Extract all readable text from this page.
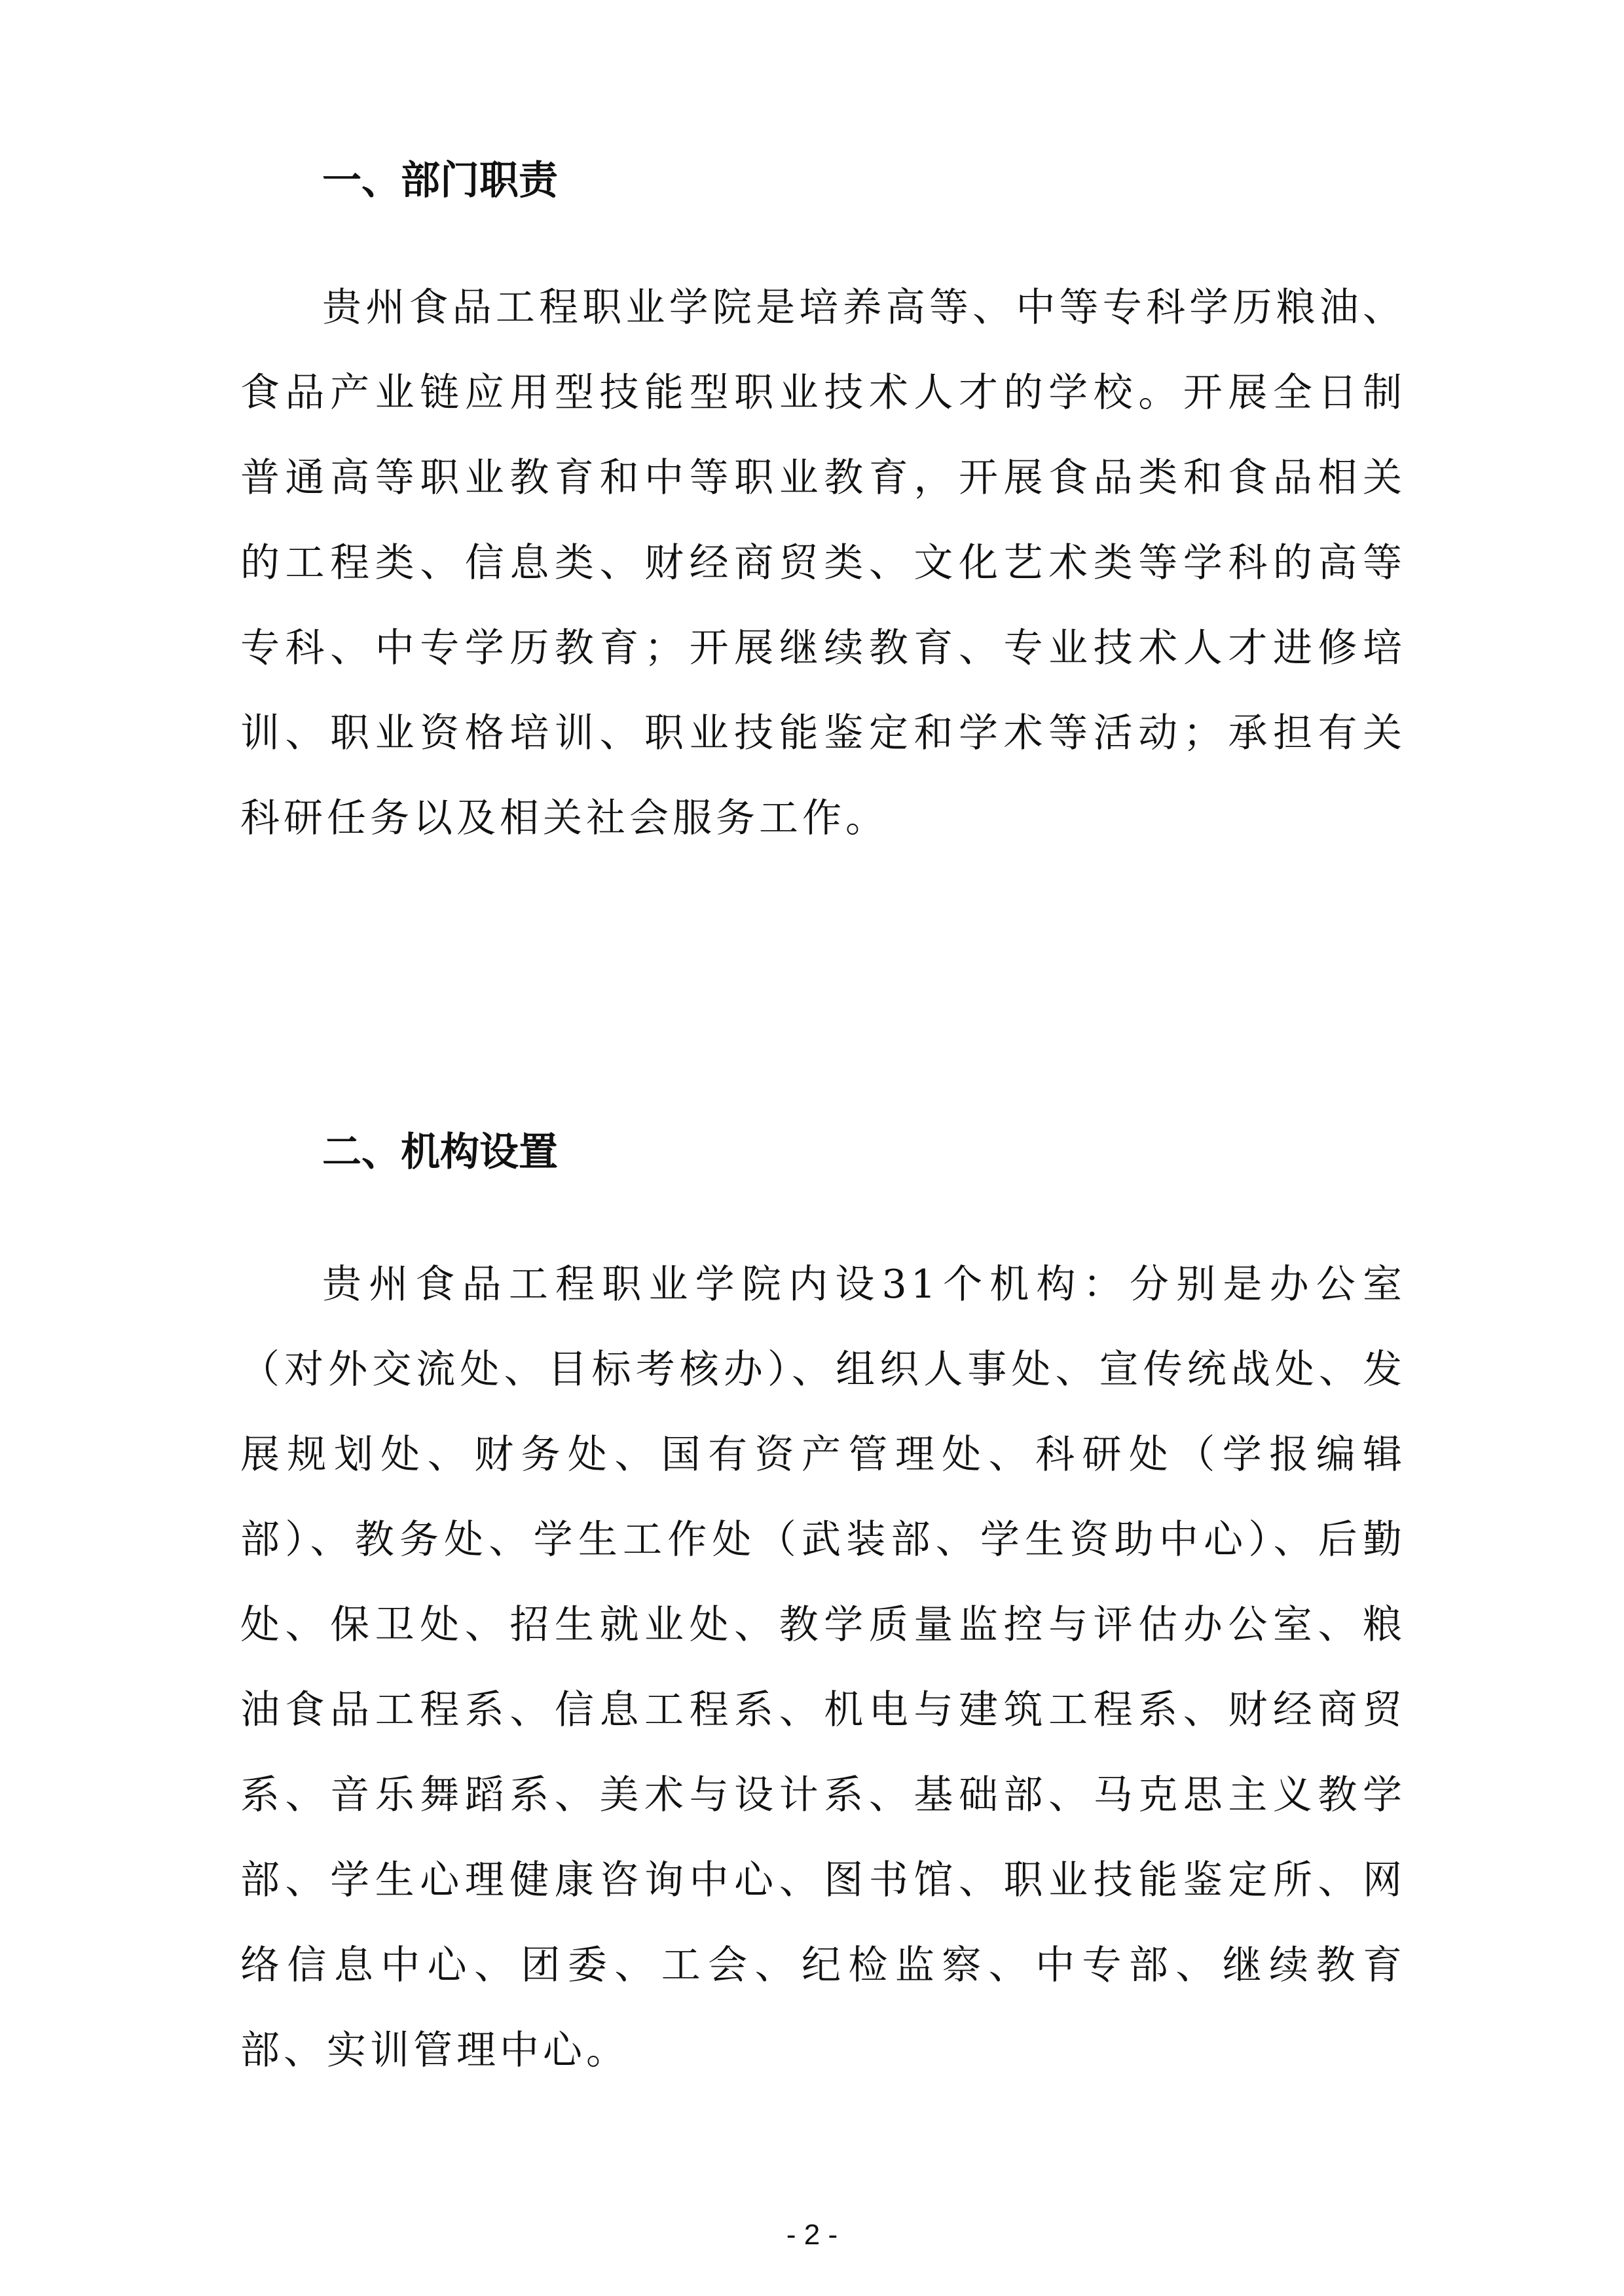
一、部门职责

贵州食品工程职业学院是培养高等、中等专科学历粮油、食品产业链应用型技能型职业技术人才的学校。开展全日制普通高等职业教育和中等职业教育，开展食品类和食品相关的工程类、信息类、财经商贸类、文化艺术类等学科的高等专科、中专学历教育；开展继续教育、专业技术人才进修培训、职业资格培训、职业技能鉴定和学术等活动；承担有关科研任务以及相关社会服务工作。

二、机构设置

贵州食品工程职业学院内设31个机构：分别是办公室（对外交流处、目标考核办）、组织人事处、宣传统战处、发展规划处、财务处、国有资产管理处、科研处（学报编辑部）、教务处、学生工作处（武装部、学生资助中心）、后勤处、保卫处、招生就业处、教学质量监控与评估办公室、粮油食品工程系、信息工程系、机电与建筑工程系、财经商贸系、音乐舞蹈系、美术与设计系、基础部、马克思主义教学部、学生心理健康咨询中心、图书馆、职业技能鉴定所、网络信息中心、团委、工会、纪检监察、中专部、继续教育部、实训管理中心。

- 2 -
